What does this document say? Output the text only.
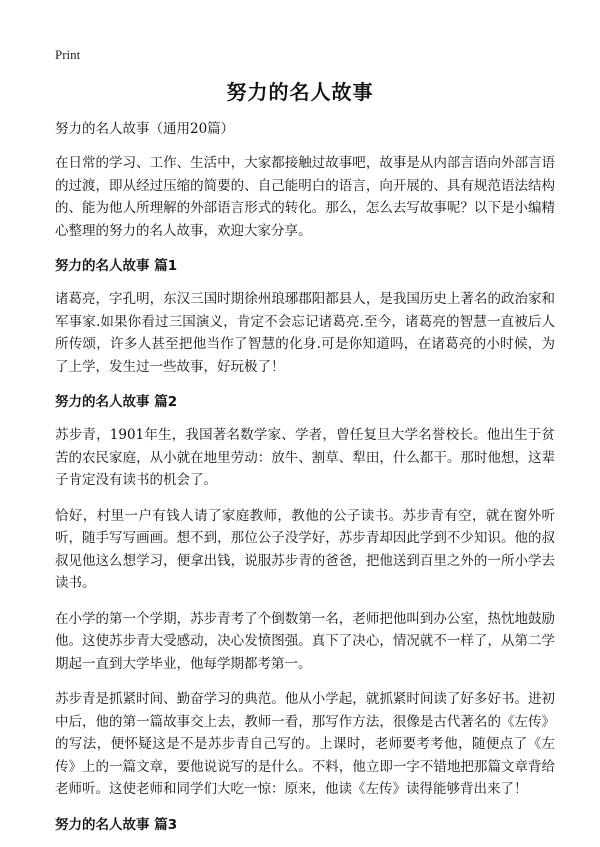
Print
努力的名人故事
努力的名人故事（通用20篇）
在日常的学习、工作、生活中，大家都接触过故事吧，故事是从内部言语向外部言语的过渡，即从经过压缩的简要的、自己能明白的语言，向开展的、具有规范语法结构的、能为他人所理解的外部语言形式的转化。那么，怎么去写故事呢？以下是小编精心整理的努力的名人故事，欢迎大家分享。
努力的名人故事 篇1
诸葛亮，字孔明，东汉三国时期徐州琅琊郡阳都县人，是我国历史上著名的政治家和军事家.如果你看过三国演义，肯定不会忘记诸葛亮.至今，诸葛亮的智慧一直被后人所传颂，许多人甚至把他当作了智慧的化身.可是你知道吗，在诸葛亮的小时候，为了上学，发生过一些故事，好玩极了！
努力的名人故事 篇2
苏步青，1901年生，我国著名数学家、学者，曾任复旦大学名誉校长。他出生于贫苦的农民家庭，从小就在地里劳动：放牛、割草、犁田，什么都干。那时他想，这辈子肯定没有读书的机会了。
恰好，村里一户有钱人请了家庭教师，教他的公子读书。苏步青有空，就在窗外听听，随手写写画画。想不到，那位公子没学好，苏步青却因此学到不少知识。他的叔叔见他这么想学习，便拿出钱，说服苏步青的爸爸，把他送到百里之外的一所小学去读书。
在小学的第一个学期，苏步青考了个倒数第一名，老师把他叫到办公室，热忱地鼓励他。这使苏步青大受感动，决心发愤图强。真下了决心，情况就不一样了，从第二学期起一直到大学毕业，他每学期都考第一。
苏步青是抓紧时间、勤奋学习的典范。他从小学起，就抓紧时间读了好多好书。进初中后，他的第一篇故事交上去，教师一看，那写作方法，很像是古代著名的《左传》的写法，便怀疑这是不是苏步青自己写的。上课时，老师要考考他，随便点了《左传》上的一篇文章，要他说说写的是什么。不料，他立即一字不错地把那篇文章背给老师听。这使老师和同学们大吃一惊：原来，他读《左传》读得能够背出来了！
努力的名人故事 篇3
